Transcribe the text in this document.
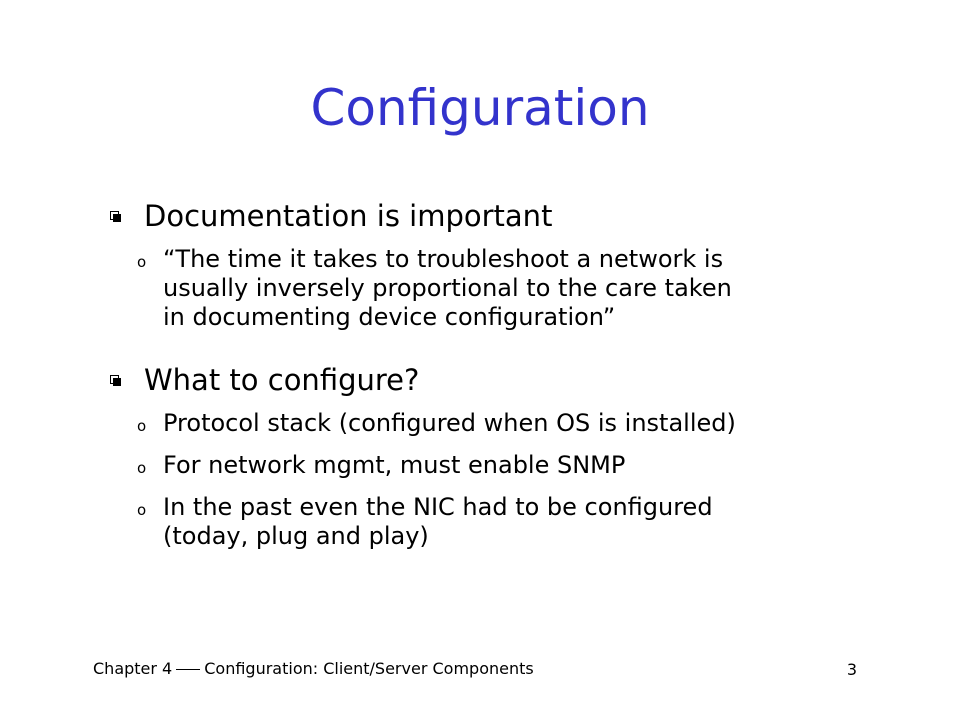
Configuration
Documentation is important
o “The time it takes to troubleshoot a network is
usually inversely proportional to the care taken
in documenting device configuration”
What to configure?
o Protocol stack (configured when OS is installed)
o For network mgmt, must enable SNMP
o In the past even the NIC had to be configured
(today, plug and play)
Chapter 4 Configuration: Client/Server Components	3
